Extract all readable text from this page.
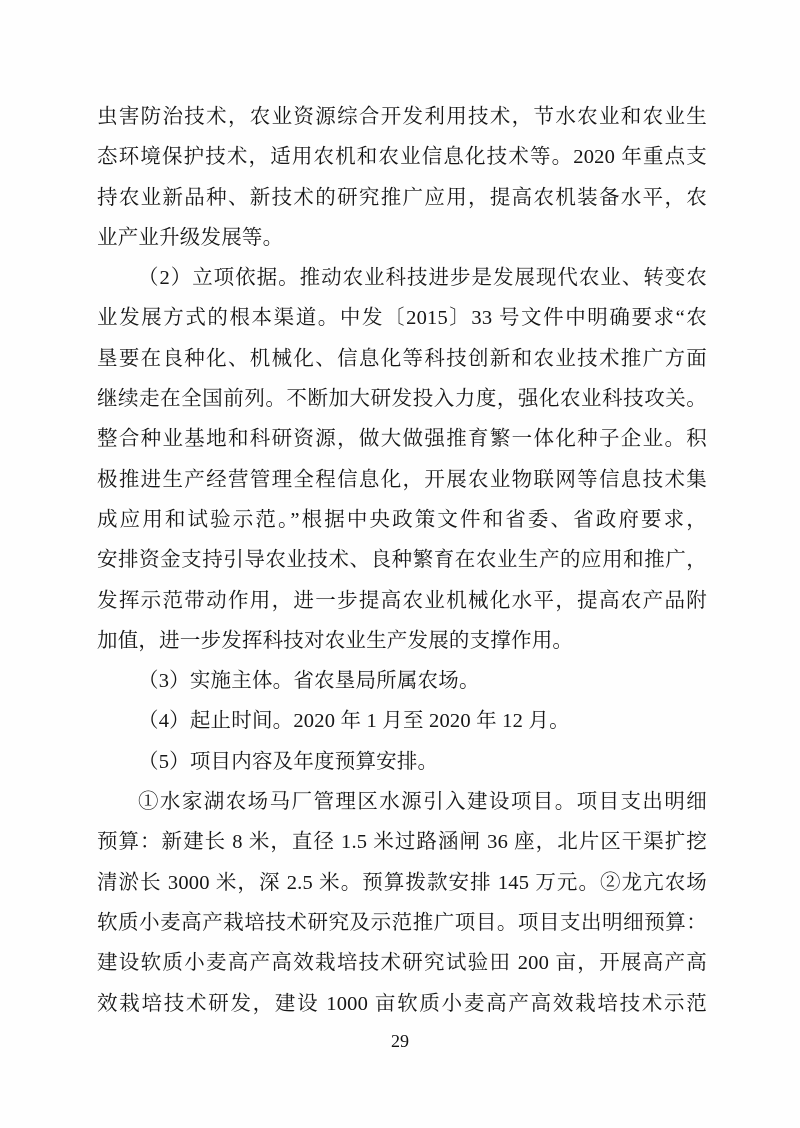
虫害防治技术，农业资源综合开发利用技术，节水农业和农业生

态环境保护技术，适用农机和农业信息化技术等。2020 年重点支

持农业新品种、新技术的研究推广应用，提高农机装备水平，农

业产业升级发展等。

（2）立项依据。推动农业科技进步是发展现代农业、转变农

业发展方式的根本渠道。中发〔2015〕33 号文件中明确要求“农

垦要在良种化、机械化、信息化等科技创新和农业技术推广方面

继续走在全国前列。不断加大研发投入力度，强化农业科技攻关。

整合种业基地和科研资源，做大做强推育繁一体化种子企业。积

极推进生产经营管理全程信息化，开展农业物联网等信息技术集

成应用和试验示范。”根据中央政策文件和省委、省政府要求，

安排资金支持引导农业技术、良种繁育在农业生产的应用和推广，

发挥示范带动作用，进一步提高农业机械化水平，提高农产品附

加值，进一步发挥科技对农业生产发展的支撑作用。

（3）实施主体。省农垦局所属农场。

（4）起止时间。2020 年 1 月至 2020 年 12 月。

（5）项目内容及年度预算安排。

①水家湖农场马厂管理区水源引入建设项目。项目支出明细

预算：新建长 8 米，直径 1.5 米过路涵闸 36 座，北片区干渠扩挖

清淤长 3000 米，深 2.5 米。预算拨款安排 145 万元。②龙亢农场

软质小麦高产栽培技术研究及示范推广项目。项目支出明细预算：

建设软质小麦高产高效栽培技术研究试验田 200 亩，开展高产高

效栽培技术研发，建设 1000 亩软质小麦高产高效栽培技术示范

29
